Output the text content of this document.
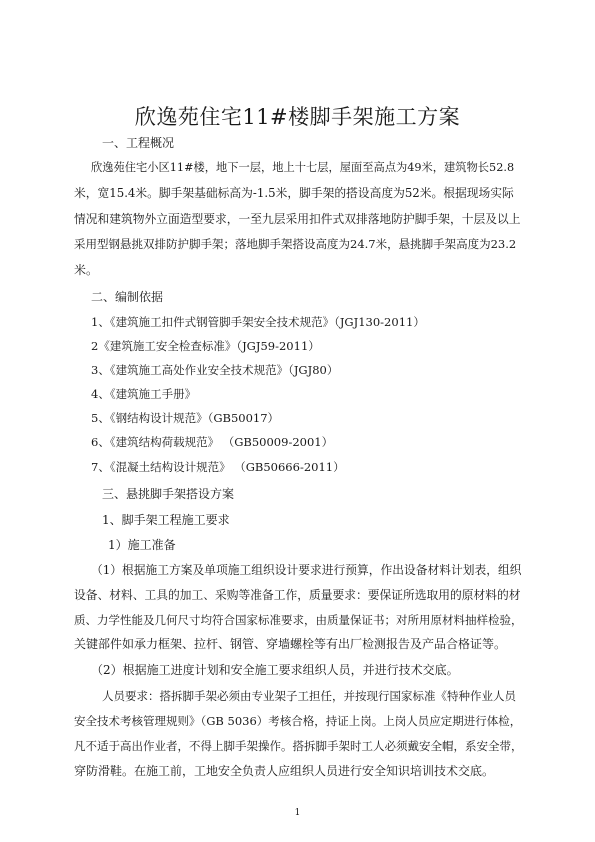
欣逸苑住宅11#楼脚手架施工方案
一、工程概况
欣逸苑住宅小区11#楼，地下一层，地上十七层，屋面至高点为49米，建筑物长52.8
米，宽15.4米。脚手架基础标高为-1.5米，脚手架的搭设高度为52米。根据现场实际
情况和建筑物外立面造型要求，一至九层采用扣件式双排落地防护脚手架，十层及以上
采用型钢悬挑双排防护脚手架；落地脚手架搭设高度为24.7米，悬挑脚手架高度为23.2
米。
二、编制依据
1、《建筑施工扣件式钢管脚手架安全技术规范》（JGJ130-2011）
2《建筑施工安全检查标准》（JGJ59-2011）
3、《建筑施工高处作业安全技术规范》（JGJ80）
4、《建筑施工手册》
5、《钢结构设计规范》（GB50017）
6、《建筑结构荷载规范》 （GB50009-2001）
7、《混凝土结构设计规范》 （GB50666-2011）
三、悬挑脚手架搭设方案
1、脚手架工程施工要求
1）施工准备
（1）根据施工方案及单项施工组织设计要求进行预算，作出设备材料计划表，组织
设备、材料、工具的加工、采购等准备工作，质量要求：要保证所选取用的原材料的材
质、力学性能及几何尺寸均符合国家标准要求，由质量保证书；对所用原材料抽样检验，
关键部件如承力框架、拉杆、钢管、穿墙螺栓等有出厂检测报告及产品合格证等。
（2）根据施工进度计划和安全施工要求组织人员，并进行技术交底。
人员要求：搭拆脚手架必须由专业架子工担任，并按现行国家标准《特种作业人员
安全技术考核管理规则》（GB 5036）考核合格，持证上岗。上岗人员应定期进行体检，
凡不适于高出作业者，不得上脚手架操作。搭拆脚手架时工人必须戴安全帽，系安全带，
穿防滑鞋。在施工前，工地安全负责人应组织人员进行安全知识培训技术交底。
1
